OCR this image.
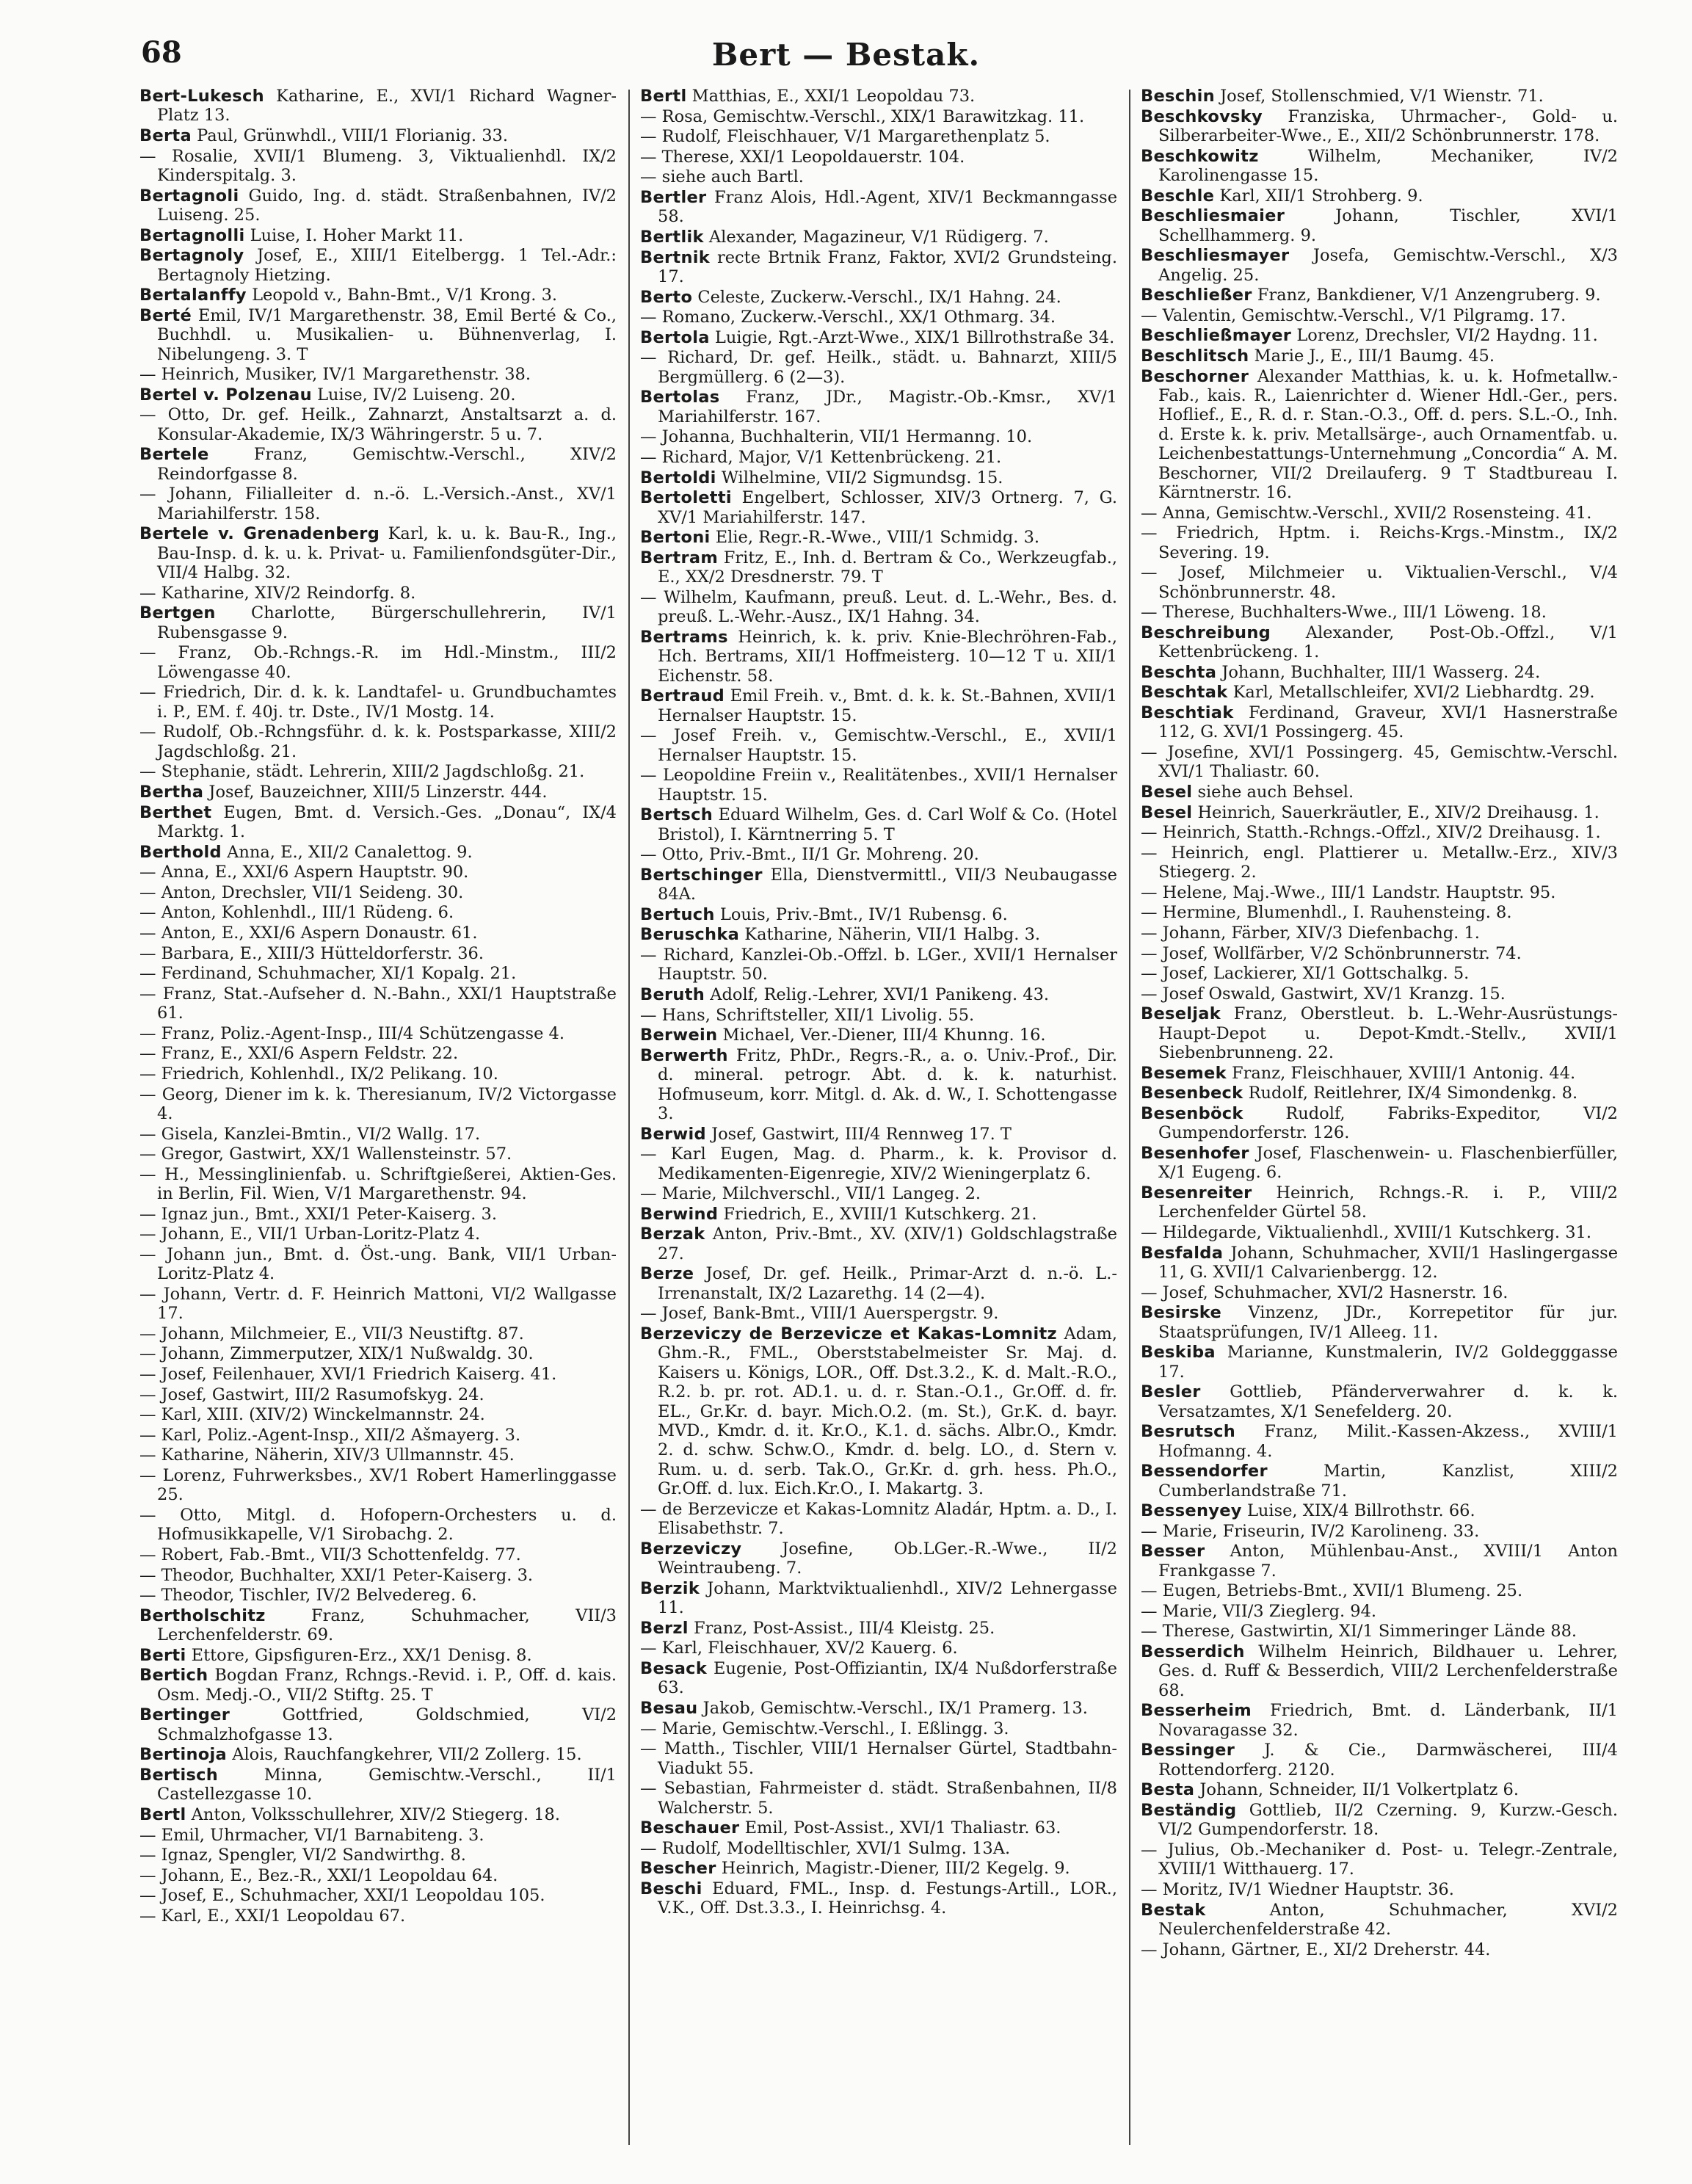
68	Bert — Bestak.

Bert-Lukesch Katharine, E., XVI/1 Richard Wagner-Platz 13.

Berta Paul, Grünwhdl., VIII/1 Florianig. 33.

— Rosalie, XVII/1 Blumeng. 3, Viktualienhdl. IX/2 Kinderspitalg. 3.

Bertagnoli Guido, Ing. d. städt. Straßenbahnen, IV/2 Luiseng. 25.

Bertagnolli Luise, I. Hoher Markt 11.

Bertagnoly Josef, E., XIII/1 Eitelbergg. 1 Tel.-Adr.: Bertagnoly Hietzing.

Bertalanffy Leopold v., Bahn-Bmt., V/1 Krong. 3.

Berté Emil, IV/1 Margarethenstr. 38, Emil Berté & Co., Buchhdl. u. Musikalien- u. Bühnenverlag, I. Nibelungeng. 3. T

— Heinrich, Musiker, IV/1 Margarethenstr. 38.

Bertel v. Polzenau Luise, IV/2 Luiseng. 20.

— Otto, Dr. gef. Heilk., Zahnarzt, Anstaltsarzt a. d. Konsular-Akademie, IX/3 Währingerstr. 5 u. 7.

Bertele	Franz, Gemischtw.-Verschl., XIV/2 Reindorfgasse 8.

— Johann, Filialleiter d. n.-ö. L.-Versich.-Anst., XV/1 Mariahilferstr. 158.

Bertele v. Grenadenberg Karl, k. u. k. Bau-R., Ing., Bau-Insp. d. k. u. k. Privat- u. Familienfondsgüter-Dir., VII/4 Halbg. 32.

— Katharine, XIV/2 Reindorfg. 8.

Bertgen Charlotte, Bürgerschullehrerin, IV/1 Rubensgasse 9.

— Franz, Ob.-Rchngs.-R. im Hdl.-Minstm., III/2 Löwengasse 40.

— Friedrich, Dir. d. k. k. Landtafel- u. Grundbuchamtes i. P., EM. f. 40j. tr. Dste., IV/1 Mostg. 14.

— Rudolf, Ob.-Rchngsführ. d. k. k. Postsparkasse, XIII/2 Jagdschloßg. 21.

— Stephanie, städt. Lehrerin, XIII/2 Jagdschloßg. 21.

Bertha Josef, Bauzeichner, XIII/5 Linzerstr. 444.

Berthet Eugen, Bmt. d. Versich.-Ges. „Donau“, IX/4 Marktg. 1.

Berthold Anna, E., XII/2 Canalettog. 9.

— Anna, E., XXI/6 Aspern Hauptstr. 90.

— Anton, Drechsler, VII/1 Seideng. 30.

— Anton, Kohlenhdl., III/1 Rüdeng. 6.

— Anton, E., XXI/6 Aspern Donaustr. 61.

— Barbara, E., XIII/3 Hütteldorferstr. 36.

— Ferdinand, Schuhmacher, XI/1 Kopalg. 21.

— Franz, Stat.-Aufseher d. N.-Bahn., XXI/1 Hauptstraße 61.

— Franz, Poliz.-Agent-Insp., III/4 Schützengasse 4.

— Franz, E., XXI/6 Aspern Feldstr. 22.

— Friedrich, Kohlenhdl., IX/2 Pelikang. 10.

— Georg, Diener im k. k. Theresianum, IV/2 Victorgasse 4.

— Gisela, Kanzlei-Bmtin., VI/2 Wallg. 17.

— Gregor, Gastwirt, XX/1 Wallensteinstr. 57.

— H., Messinglinienfab. u. Schriftgießerei, Aktien-Ges. in Berlin, Fil. Wien, V/1 Margarethenstr. 94.

— Ignaz jun., Bmt., XXI/1 Peter-Kaiserg. 3.

— Johann, E., VII/1 Urban-Loritz-Platz 4.

— Johann jun., Bmt. d. Öst.-ung. Bank, VII/1 Urban-Loritz-Platz 4.

— Johann, Vertr. d. F. Heinrich Mattoni, VI/2 Wallgasse 17.

— Johann, Milchmeier, E., VII/3 Neustiftg. 87.

— Johann, Zimmerputzer, XIX/1 Nußwaldg. 30.

— Josef, Feilenhauer, XVI/1 Friedrich Kaiserg. 41.

— Josef, Gastwirt, III/2 Rasumofskyg. 24.

— Karl, XIII. (XIV/2) Winckelmannstr. 24.

— Karl, Poliz.-Agent-Insp., XII/2 Ašmayerg. 3.

— Katharine, Näherin, XIV/3 Ullmannstr. 45.

— Lorenz, Fuhrwerksbes., XV/1 Robert Hamerlinggasse 25.

— Otto, Mitgl. d. Hofopern-Orchesters u. d. Hofmusikkapelle, V/1 Sirobachg. 2.

— Robert, Fab.-Bmt., VII/3 Schottenfeldg. 77.

— Theodor, Buchhalter, XXI/1 Peter-Kaiserg. 3.

— Theodor, Tischler, IV/2 Belvedereg. 6.

Bertholschitz	Franz, Schuhmacher, VII/3 Lerchenfelderstr. 69.

Berti Ettore, Gipsfiguren-Erz., XX/1 Denisg. 8.

Bertich Bogdan Franz, Rchngs.-Revid. i. P., Off. d. kais. Osm. Medj.-O., VII/2 Stiftg. 25. T

Bertinger	Gottfried, Goldschmied, VI/2 Schmalzhofgasse 13.

Bertinoja Alois, Rauchfangkehrer, VII/2 Zollerg. 15.

Bertisch	Minna, Gemischtw.-Verschl., II/1 Castellezgasse 10.

Bertl Anton, Volksschullehrer, XIV/2 Stiegerg. 18.

— Emil, Uhrmacher, VI/1 Barnabiteng. 3.

— Ignaz, Spengler, VI/2 Sandwirthg. 8.

— Johann, E., Bez.-R., XXI/1 Leopoldau 64.

— Josef, E., Schuhmacher, XXI/1 Leopoldau 105.

— Karl, E., XXI/1 Leopoldau 67.

Bertl Matthias, E., XXI/1 Leopoldau 73.

— Rosa, Gemischtw.-Verschl., XIX/1 Barawitzkag. 11.

— Rudolf, Fleischhauer, V/1 Margarethenplatz 5.

— Therese, XXI/1 Leopoldauerstr. 104.

— siehe auch Bartl.

Bertler Franz Alois, Hdl.-Agent, XIV/1 Beckmanngasse 58.

Bertlik Alexander, Magazineur, V/1 Rüdigerg. 7.

Bertnik recte Brtnik Franz, Faktor, XVI/2 Grundsteing. 17.

Berto Celeste, Zuckerw.-Verschl., IX/1 Hahng. 24.

— Romano, Zuckerw.-Verschl., XX/1 Othmarg. 34.

Bertola Luigie, Rgt.-Arzt-Wwe., XIX/1 Billrothstraße 34.

— Richard, Dr. gef. Heilk., städt. u. Bahnarzt, XIII/5 Bergmüllerg. 6 (2—3).

Bertolas Franz, JDr., Magistr.-Ob.-Kmsr., XV/1 Mariahilferstr. 167.

— Johanna, Buchhalterin, VII/1 Hermanng. 10.

— Richard, Major, V/1 Kettenbrückeng. 21.

Bertoldi Wilhelmine, VII/2 Sigmundsg. 15.

Bertoletti Engelbert, Schlosser, XIV/3 Ortnerg. 7, G. XV/1 Mariahilferstr. 147.

Bertoni Elie, Regr.-R.-Wwe., VIII/1 Schmidg. 3.

Bertram Fritz, E., Inh. d. Bertram & Co., Werkzeugfab., E., XX/2 Dresdnerstr. 79. T

— Wilhelm, Kaufmann, preuß. Leut. d. L.-Wehr., Bes. d. preuß. L.-Wehr.-Ausz., IX/1 Hahng. 34.

Bertrams Heinrich, k. k. priv. Knie-Blechröhren-Fab., Hch. Bertrams, XII/1 Hoffmeisterg. 10—12 T u. XII/1 Eichenstr. 58.

Bertraud Emil Freih. v., Bmt. d. k. k. St.-Bahnen, XVII/1 Hernalser Hauptstr. 15.

— Josef Freih. v., Gemischtw.-Verschl., E., XVII/1 Hernalser Hauptstr. 15.

— Leopoldine Freiin v., Realitätenbes., XVII/1 Hernalser Hauptstr. 15.

Bertsch Eduard Wilhelm, Ges. d. Carl Wolf & Co. (Hotel Bristol), I. Kärntnerring 5. T

— Otto, Priv.-Bmt., II/1 Gr. Mohreng. 20.

Bertschinger Ella, Dienstvermittl., VII/3 Neubaugasse 84A.

Bertuch Louis, Priv.-Bmt., IV/1 Rubensg. 6.

Beruschka Katharine, Näherin, VII/1 Halbg. 3.

— Richard, Kanzlei-Ob.-Offzl. b. LGer., XVII/1 Hernalser Hauptstr. 50.

Beruth Adolf, Relig.-Lehrer, XVI/1 Panikeng. 43.

— Hans, Schriftsteller, XII/1 Livolig. 55.

Berwein Michael, Ver.-Diener, III/4 Khunng. 16.

Berwerth Fritz, PhDr., Regrs.-R., a. o. Univ.-Prof., Dir. d. mineral. petrogr. Abt. d. k. k. naturhist. Hofmuseum, korr. Mitgl. d. Ak. d. W., I. Schottengasse 3.

Berwid Josef, Gastwirt, III/4 Rennweg 17. T

— Karl Eugen, Mag. d. Pharm., k. k. Provisor d. Medikamenten-Eigenregie, XIV/2 Wieningerplatz 6.

— Marie, Milchverschl., VII/1 Langeg. 2.

Berwind Friedrich, E., XVIII/1 Kutschkerg. 21.

Berzak Anton, Priv.-Bmt., XV. (XIV/1) Goldschlagstraße 27.

Berze Josef, Dr. gef. Heilk., Primar-Arzt d. n.-ö. L.-Irrenanstalt, IX/2 Lazarethg. 14 (2—4).

— Josef, Bank-Bmt., VIII/1 Auerspergstr. 9.

Berzeviczy de Berzevicze et Kakas-Lomnitz Adam, Ghm.-R., FML., Oberststabelmeister Sr. Maj. d. Kaisers u. Königs, LOR., Off. Dst.3.2., K. d. Malt.-R.O., R.2. b. pr. rot. AD.1. u. d. r. Stan.-O.1., Gr.Off. d. fr. EL., Gr.Kr. d. bayr. Mich.O.2. (m. St.), Gr.K. d. bayr. MVD., Kmdr. d. it. Kr.O., K.1. d. sächs. Albr.O., Kmdr. 2. d. schw. Schw.O., Kmdr. d. belg. LO., d. Stern v. Rum. u. d. serb. Tak.O., Gr.Kr. d. grh. hess. Ph.O., Gr.Off. d. lux. Eich.Kr.O., I. Makartg. 3.

— de Berzevicze et Kakas-Lomnitz Aladár, Hptm. a. D., I. Elisabethstr. 7.

Berzeviczy Josefine, Ob.LGer.-R.-Wwe., II/2 Weintraubeng. 7.

Berzik Johann, Marktviktualienhdl., XIV/2 Lehnergasse 11.

Berzl Franz, Post-Assist., III/4 Kleistg. 25.

— Karl, Fleischhauer, XV/2 Kauerg. 6.

Besack Eugenie, Post-Offiziantin, IX/4 Nußdorferstraße 63.

Besau Jakob, Gemischtw.-Verschl., IX/1 Pramerg. 13.

— Marie, Gemischtw.-Verschl., I. Eßlingg. 3.

— Matth., Tischler, VIII/1 Hernalser Gürtel, Stadtbahn-Viadukt 55.

— Sebastian, Fahrmeister d. städt. Straßenbahnen, II/8 Walcherstr. 5.

Beschauer Emil, Post-Assist., XVI/1 Thaliastr. 63.

— Rudolf, Modelltischler, XVI/1 Sulmg. 13A.

Bescher Heinrich, Magistr.-Diener, III/2 Kegelg. 9.

Beschi Eduard, FML., Insp. d. Festungs-Artill., LOR., V.K., Off. Dst.3.3., I. Heinrichsg. 4.

Beschin Josef, Stollenschmied, V/1 Wienstr. 71.

Beschkovsky Franziska, Uhrmacher-, Gold- u. Silberarbeiter-Wwe., E., XII/2 Schönbrunnerstr. 178.

Beschkowitz	Wilhelm, Mechaniker, IV/2 Karolinengasse 15.

Beschle Karl, XII/1 Strohberg. 9.

Beschliesmaier	Johann, Tischler, XVI/1 Schellhammerg. 9.

Beschliesmayer Josefa, Gemischtw.-Verschl., X/3 Angelig. 25.

Beschließer Franz, Bankdiener, V/1 Anzengruberg. 9.

— Valentin, Gemischtw.-Verschl., V/1 Pilgramg. 17.

Beschließmayer Lorenz, Drechsler, VI/2 Haydng. 11.

Beschlitsch Marie J., E., III/1 Baumg. 45.

Beschorner Alexander Matthias, k. u. k. Hofmetallw.-Fab., kais. R., Laienrichter d. Wiener Hdl.-Ger., pers. Hoflief., E., R. d. r. Stan.-O.3., Off. d. pers. S.L.-O., Inh. d. Erste k. k. priv. Metallsärge-, auch Ornamentfab. u. Leichenbestattungs-Unternehmung „Concordia“ A. M. Beschorner, VII/2 Dreilauferg. 9 T Stadtbureau I. Kärntnerstr. 16.

— Anna, Gemischtw.-Verschl., XVII/2 Rosensteing. 41.

— Friedrich, Hptm. i. Reichs-Krgs.-Minstm., IX/2 Severing. 19.

— Josef, Milchmeier u. Viktualien-Verschl., V/4 Schönbrunnerstr. 48.

— Therese, Buchhalters-Wwe., III/1 Löweng. 18.

Beschreibung Alexander, Post-Ob.-Offzl., V/1 Kettenbrückeng. 1.

Beschta Johann, Buchhalter, III/1 Wasserg. 24.

Beschtak Karl, Metallschleifer, XVI/2 Liebhardtg. 29.

Beschtiak Ferdinand, Graveur, XVI/1 Hasnerstraße 112, G. XVI/1 Possingerg. 45.

— Josefine, XVI/1 Possingerg. 45, Gemischtw.-Verschl. XVI/1 Thaliastr. 60.

Besel siehe auch Behsel.

Besel Heinrich, Sauerkräutler, E., XIV/2 Dreihausg. 1.

— Heinrich, Statth.-Rchngs.-Offzl., XIV/2 Dreihausg. 1.

— Heinrich, engl. Plattierer u. Metallw.-Erz., XIV/3 Stiegerg. 2.

— Helene, Maj.-Wwe., III/1 Landstr. Hauptstr. 95.

— Hermine, Blumenhdl., I. Rauhensteing. 8.

— Johann, Färber, XIV/3 Diefenbachg. 1.

— Josef, Wollfärber, V/2 Schönbrunnerstr. 74.

— Josef, Lackierer, XI/1 Gottschalkg. 5.

— Josef Oswald, Gastwirt, XV/1 Kranzg. 15.

Beseljak Franz, Oberstleut. b. L.-Wehr-Ausrüstungs-Haupt-Depot u. Depot-Kmdt.-Stellv., XVII/1 Siebenbrunneng. 22.

Besemek Franz, Fleischhauer, XVIII/1 Antonig. 44.

Besenbeck Rudolf, Reitlehrer, IX/4 Simondenkg. 8.

Besenböck	Rudolf, Fabriks-Expeditor, VI/2 Gumpendorferstr. 126.

Besenhofer Josef, Flaschenwein- u. Flaschenbierfüller, X/1 Eugeng. 6.

Besenreiter Heinrich, Rchngs.-R. i. P., VIII/2 Lerchenfelder Gürtel 58.

— Hildegarde, Viktualienhdl., XVIII/1 Kutschkerg. 31.

Besfalda Johann, Schuhmacher, XVII/1 Haslingergasse 11, G. XVII/1 Calvarienbergg. 12.

— Josef, Schuhmacher, XVI/2 Hasnerstr. 16.

Besirske Vinzenz, JDr., Korrepetitor für jur. Staatsprüfungen, IV/1 Alleeg. 11.

Beskiba Marianne, Kunstmalerin, IV/2 Goldegggasse 17.

Besler Gottlieb, Pfänderverwahrer d. k. k. Versatzamtes, X/1 Senefelderg. 20.

Besrutsch Franz, Milit.-Kassen-Akzess., XVIII/1 Hofmanng. 4.

Bessendorfer	Martin, Kanzlist, XIII/2 Cumberlandstraße 71.

Bessenyey Luise, XIX/4 Billrothstr. 66.

— Marie, Friseurin, IV/2 Karolineng. 33.

Besser Anton, Mühlenbau-Anst., XVIII/1 Anton Frankgasse 7.

— Eugen, Betriebs-Bmt., XVII/1 Blumeng. 25.

— Marie, VII/3 Zieglerg. 94.

— Therese, Gastwirtin, XI/1 Simmeringer Lände 88.

Besserdich Wilhelm Heinrich, Bildhauer u. Lehrer, Ges. d. Ruff & Besserdich, VIII/2 Lerchenfelderstraße 68.

Besserheim Friedrich, Bmt. d. Länderbank, II/1 Novaragasse 32.

Bessinger J. & Cie., Darmwäscherei, III/4 Rottendorferg. 2120.

Besta Johann, Schneider, II/1 Volkertplatz 6.

Beständig Gottlieb, II/2 Czerning. 9, Kurzw.-Gesch. VI/2 Gumpendorferstr. 18.

— Julius, Ob.-Mechaniker d. Post- u. Telegr.-Zentrale, XVIII/1 Witthauerg. 17.

— Moritz, IV/1 Wiedner Hauptstr. 36.

Bestak	Anton, Schuhmacher, XVI/2 Neulerchenfelderstraße 42.

— Johann, Gärtner, E., XI/2 Dreherstr. 44.
